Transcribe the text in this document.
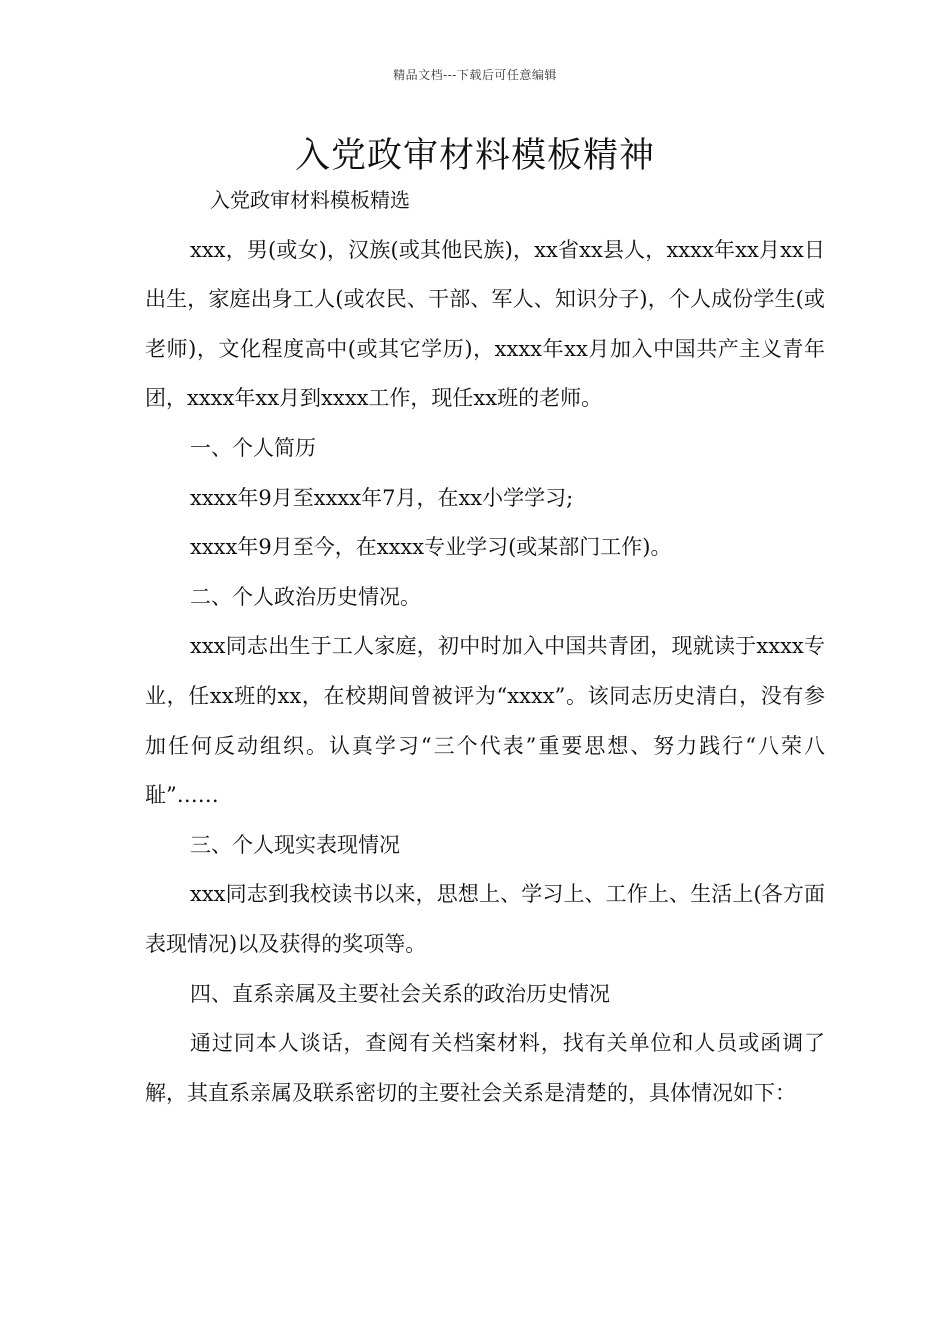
精品文档---下载后可任意编辑
入党政审材料模板精神

入党政审材料模板精选

xxx，男(或女)，汉族(或其他民族)，xx省xx县人，xxxx年xx月xx日出生，家庭出身工人(或农民、干部、军人、知识分子)，个人成份学生(或老师)，文化程度高中(或其它学历)，xxxx年xx月加入中国共产主义青年团，xxxx年xx月到xxxx工作，现任xx班的老师。

一、个人简历

xxxx年9月至xxxx年7月，在xx小学学习;

xxxx年9月至今，在xxxx专业学习(或某部门工作)。

二、个人政治历史情况。

xxx同志出生于工人家庭，初中时加入中国共青团，现就读于xxxx专业，任xx班的xx，在校期间曾被评为“xxxx”。该同志历史清白，没有参加任何反动组织。认真学习“三个代表”重要思想、努力践行“八荣八耻”……

三、个人现实表现情况

xxx同志到我校读书以来，思想上、学习上、工作上、生活上(各方面表现情况)以及获得的奖项等。

四、直系亲属及主要社会关系的政治历史情况

通过同本人谈话，查阅有关档案材料，找有关单位和人员或函调了解，其直系亲属及联系密切的主要社会关系是清楚的，具体情况如下：
